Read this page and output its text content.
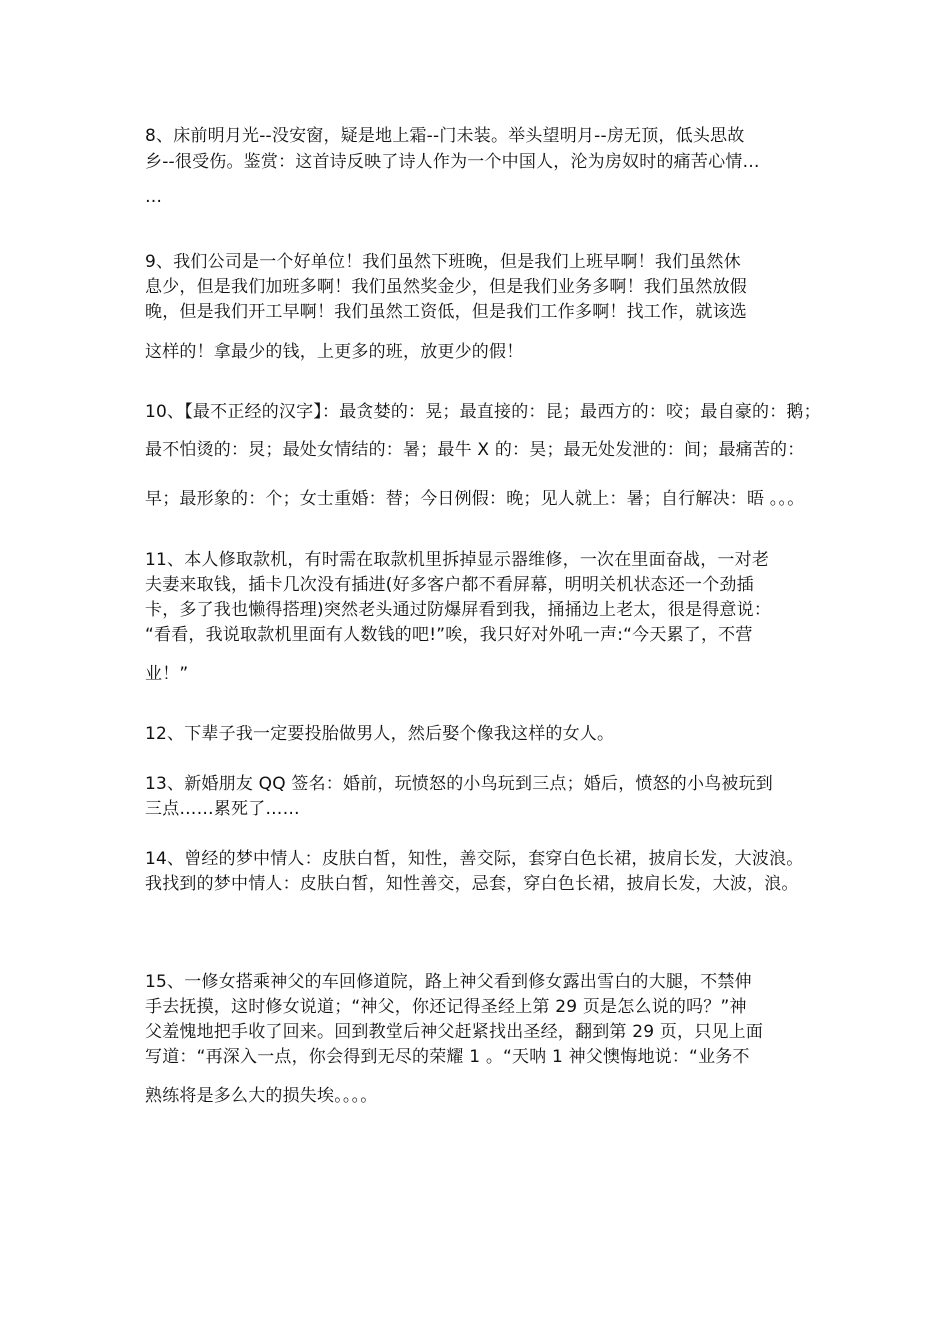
8、床前明月光--没安窗，疑是地上霜--门未装。举头望明月--房无顶，低头思故
乡--很受伤。鉴赏：这首诗反映了诗人作为一个中国人，沦为房奴时的痛苦心情…
…
9、我们公司是一个好单位！我们虽然下班晚，但是我们上班早啊！我们虽然休
息少，但是我们加班多啊！我们虽然奖金少，但是我们业务多啊！我们虽然放假
晚，但是我们开工早啊！我们虽然工资低，但是我们工作多啊！找工作，就该选
这样的！拿最少的钱，上更多的班，放更少的假！
10、【最不正经的汉字】：最贪婪的：晃；最直接的：昆；最西方的：咬；最自豪的：鹅；
最不怕烫的：炅；最处女情结的：暑；最牛 X 的：昊；最无处发泄的：间；最痛苦的：
早；最形象的：个；女士重婚：替；今日例假：晚；见人就上：暑；自行解决：晤 。。。
11、本人修取款机，有时需在取款机里拆掉显示器维修，一次在里面奋战，一对老
夫妻来取钱，插卡几次没有插进(好多客户都不看屏幕，明明关机状态还一个劲插
卡，多了我也懒得搭理)突然老头通过防爆屏看到我，捅捅边上老太，很是得意说：
“看看，我说取款机里面有人数钱的吧!”唉，我只好对外吼一声:“今天累了，不营
业！”
12、下辈子我一定要投胎做男人，然后娶个像我这样的女人。
13、新婚朋友 QQ 签名：婚前，玩愤怒的小鸟玩到三点；婚后，愤怒的小鸟被玩到
三点……累死了……
14、曾经的梦中情人：皮肤白皙，知性，善交际，套穿白色长裙，披肩长发，大波浪。
我找到的梦中情人：皮肤白皙，知性善交，忌套，穿白色长裙，披肩长发，大波，浪。
15、一修女搭乘神父的车回修道院，路上神父看到修女露出雪白的大腿，不禁伸
手去抚摸，这时修女说道；“神父，你还记得圣经上第 29 页是怎么说的吗？”神
父羞愧地把手收了回来。回到教堂后神父赶紧找出圣经，翻到第 29 页，只见上面
写道：“再深入一点，你会得到无尽的荣耀 1 。“天呐 1 神父懊悔地说：“业务不
熟练将是多么大的损失埃。。。。
